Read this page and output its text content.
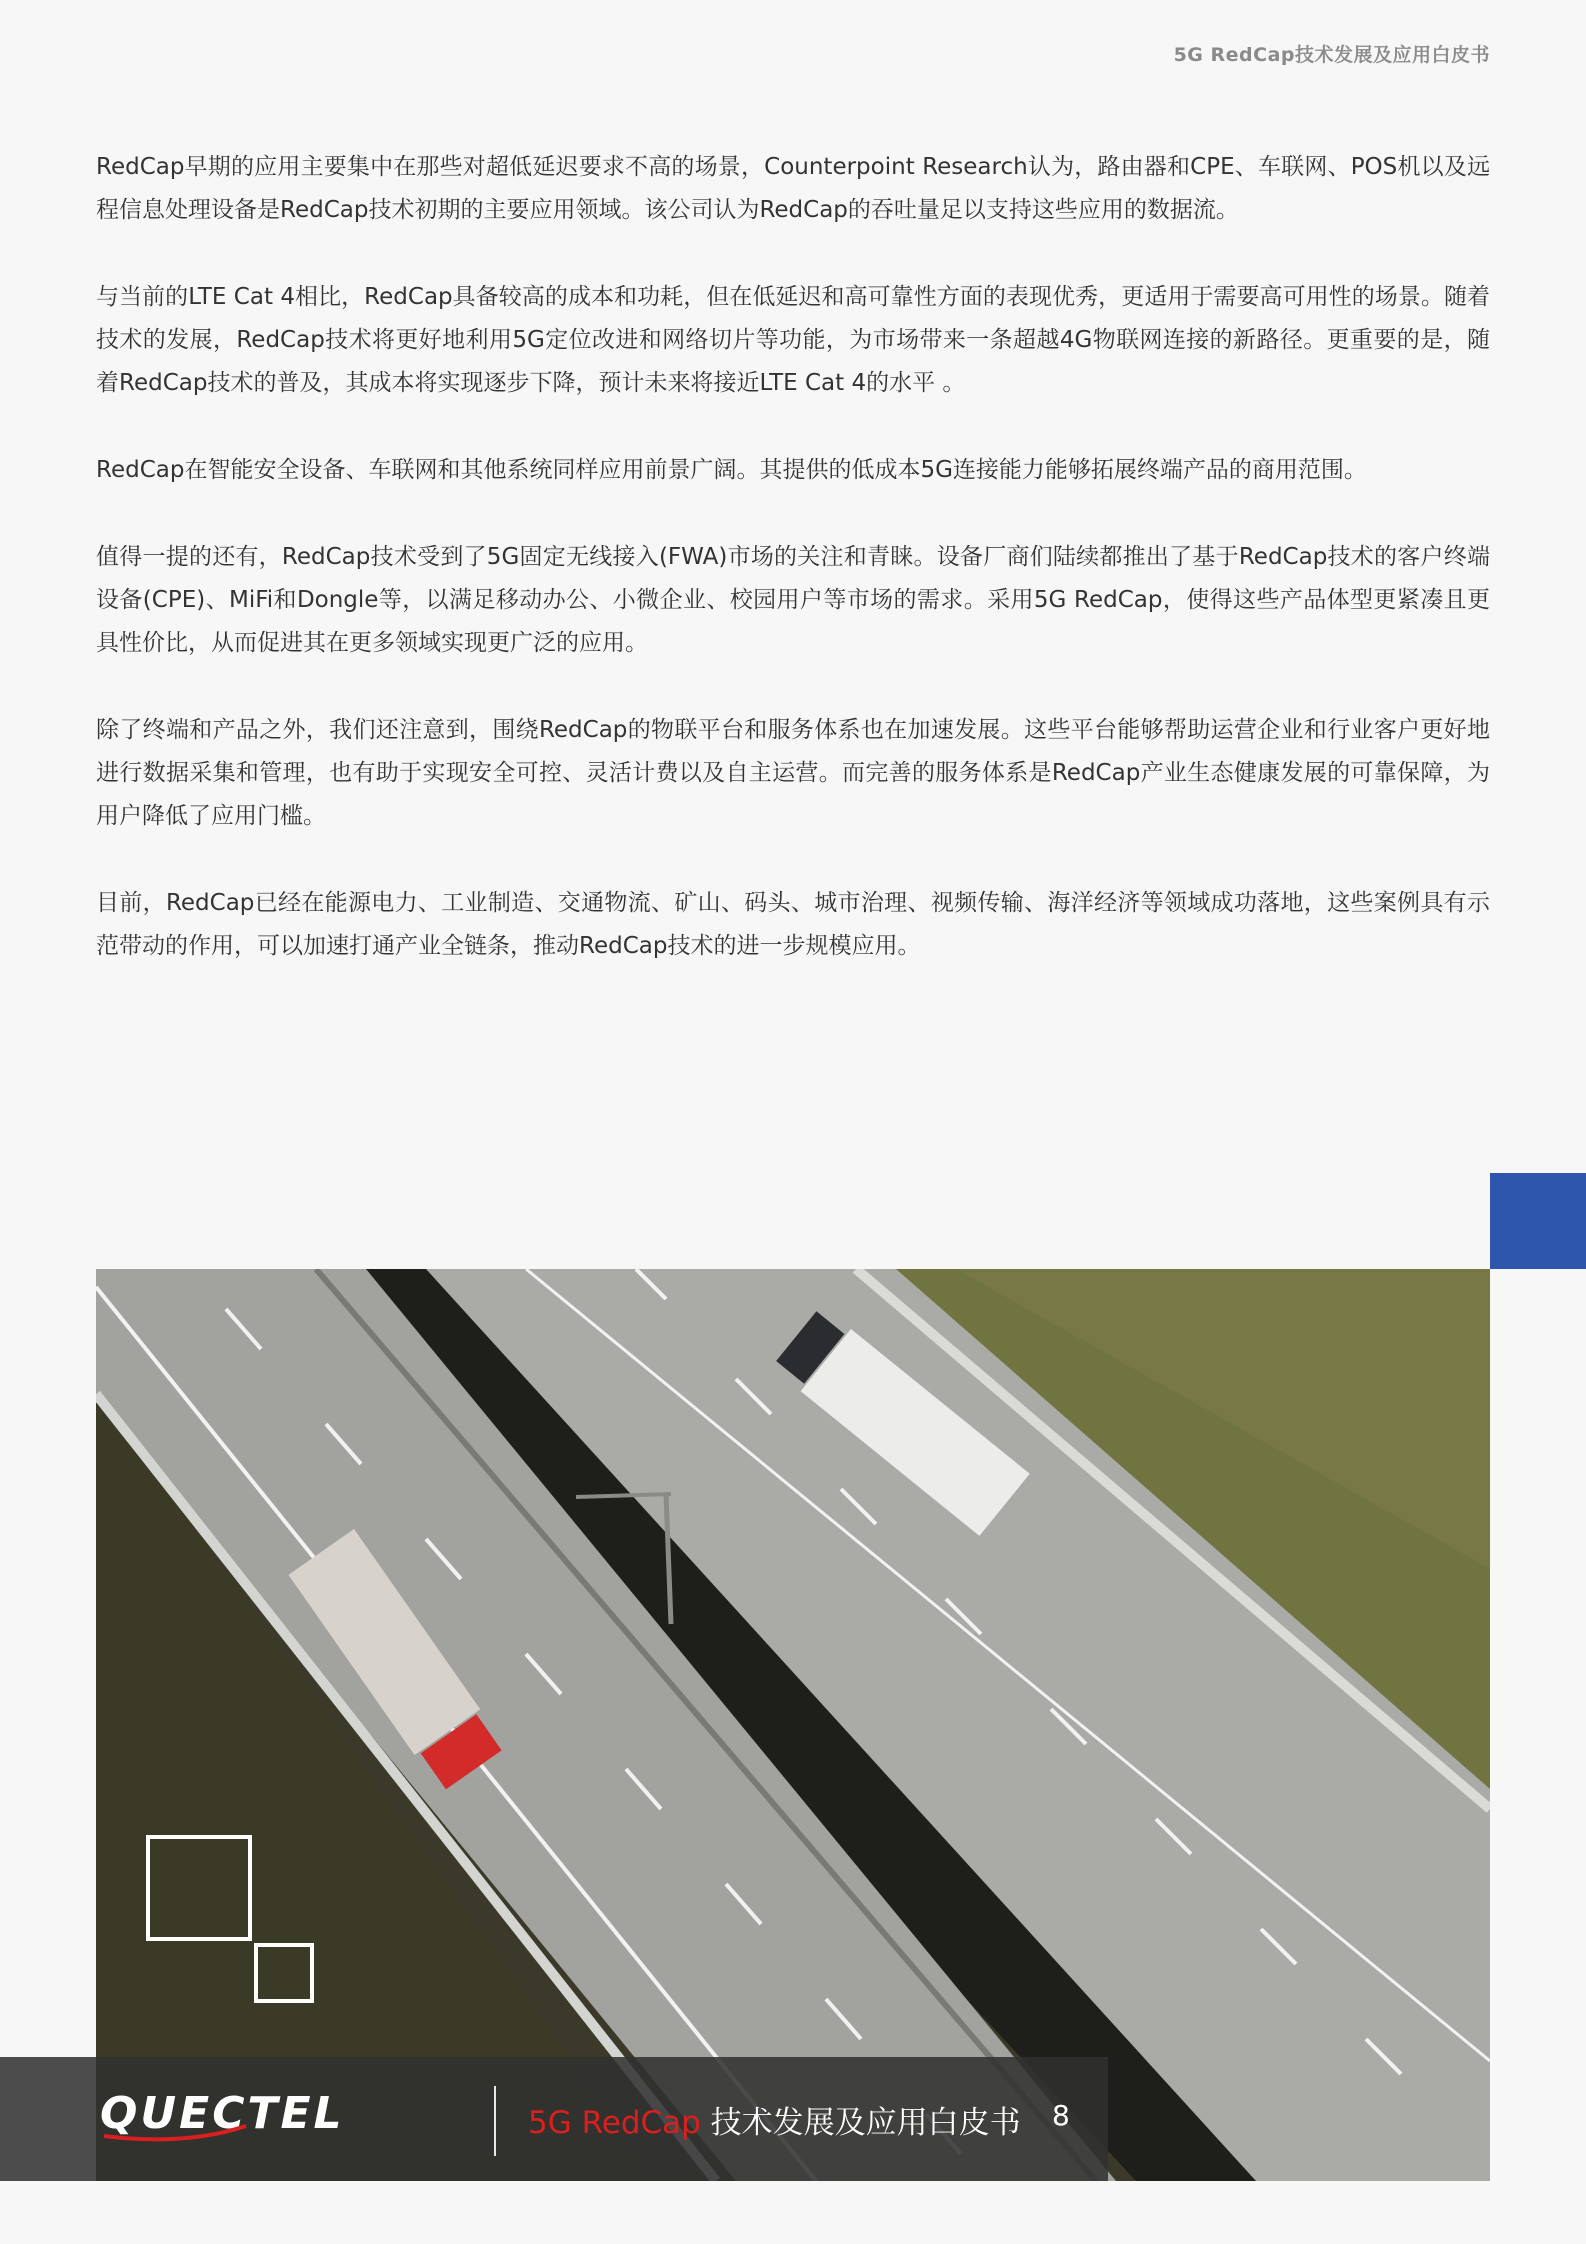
5G RedCap技术发展及应用白皮书

RedCap早期的应用主要集中在那些对超低延迟要求不高的场景，Counterpoint Research认为，路由器和CPE、车联网、POS机以及远程信息处理设备是RedCap技术初期的主要应用领域。该公司认为RedCap的吞吐量足以支持这些应用的数据流。

与当前的LTE Cat 4相比，RedCap具备较高的成本和功耗，但在低延迟和高可靠性方面的表现优秀，更适用于需要高可用性的场景。随着技术的发展，RedCap技术将更好地利用5G定位改进和网络切片等功能，为市场带来一条超越4G物联网连接的新路径。更重要的是，随着RedCap技术的普及，其成本将实现逐步下降，预计未来将接近LTE Cat 4的水平 。

RedCap在智能安全设备、车联网和其他系统同样应用前景广阔。其提供的低成本5G连接能力能够拓展终端产品的商用范围。

值得一提的还有，RedCap技术受到了5G固定无线接入(FWA)市场的关注和青睐。设备厂商们陆续都推出了基于RedCap技术的客户终端设备(CPE)、MiFi和Dongle等，以满足移动办公、小微企业、校园用户等市场的需求。采用5G RedCap，使得这些产品体型更紧凑且更具性价比，从而促进其在更多领域实现更广泛的应用。

除了终端和产品之外，我们还注意到，围绕RedCap的物联平台和服务体系也在加速发展。这些平台能够帮助运营企业和行业客户更好地进行数据采集和管理，也有助于实现安全可控、灵活计费以及自主运营。而完善的服务体系是RedCap产业生态健康发展的可靠保障，为用户降低了应用门槛。

目前，RedCap已经在能源电力、工业制造、交通物流、矿山、码头、城市治理、视频传输、海洋经济等领域成功落地，这些案例具有示范带动的作用，可以加速打通产业全链条，推动RedCap技术的进一步规模应用。

QUECTEL	5G RedCap 技术发展及应用白皮书 8
